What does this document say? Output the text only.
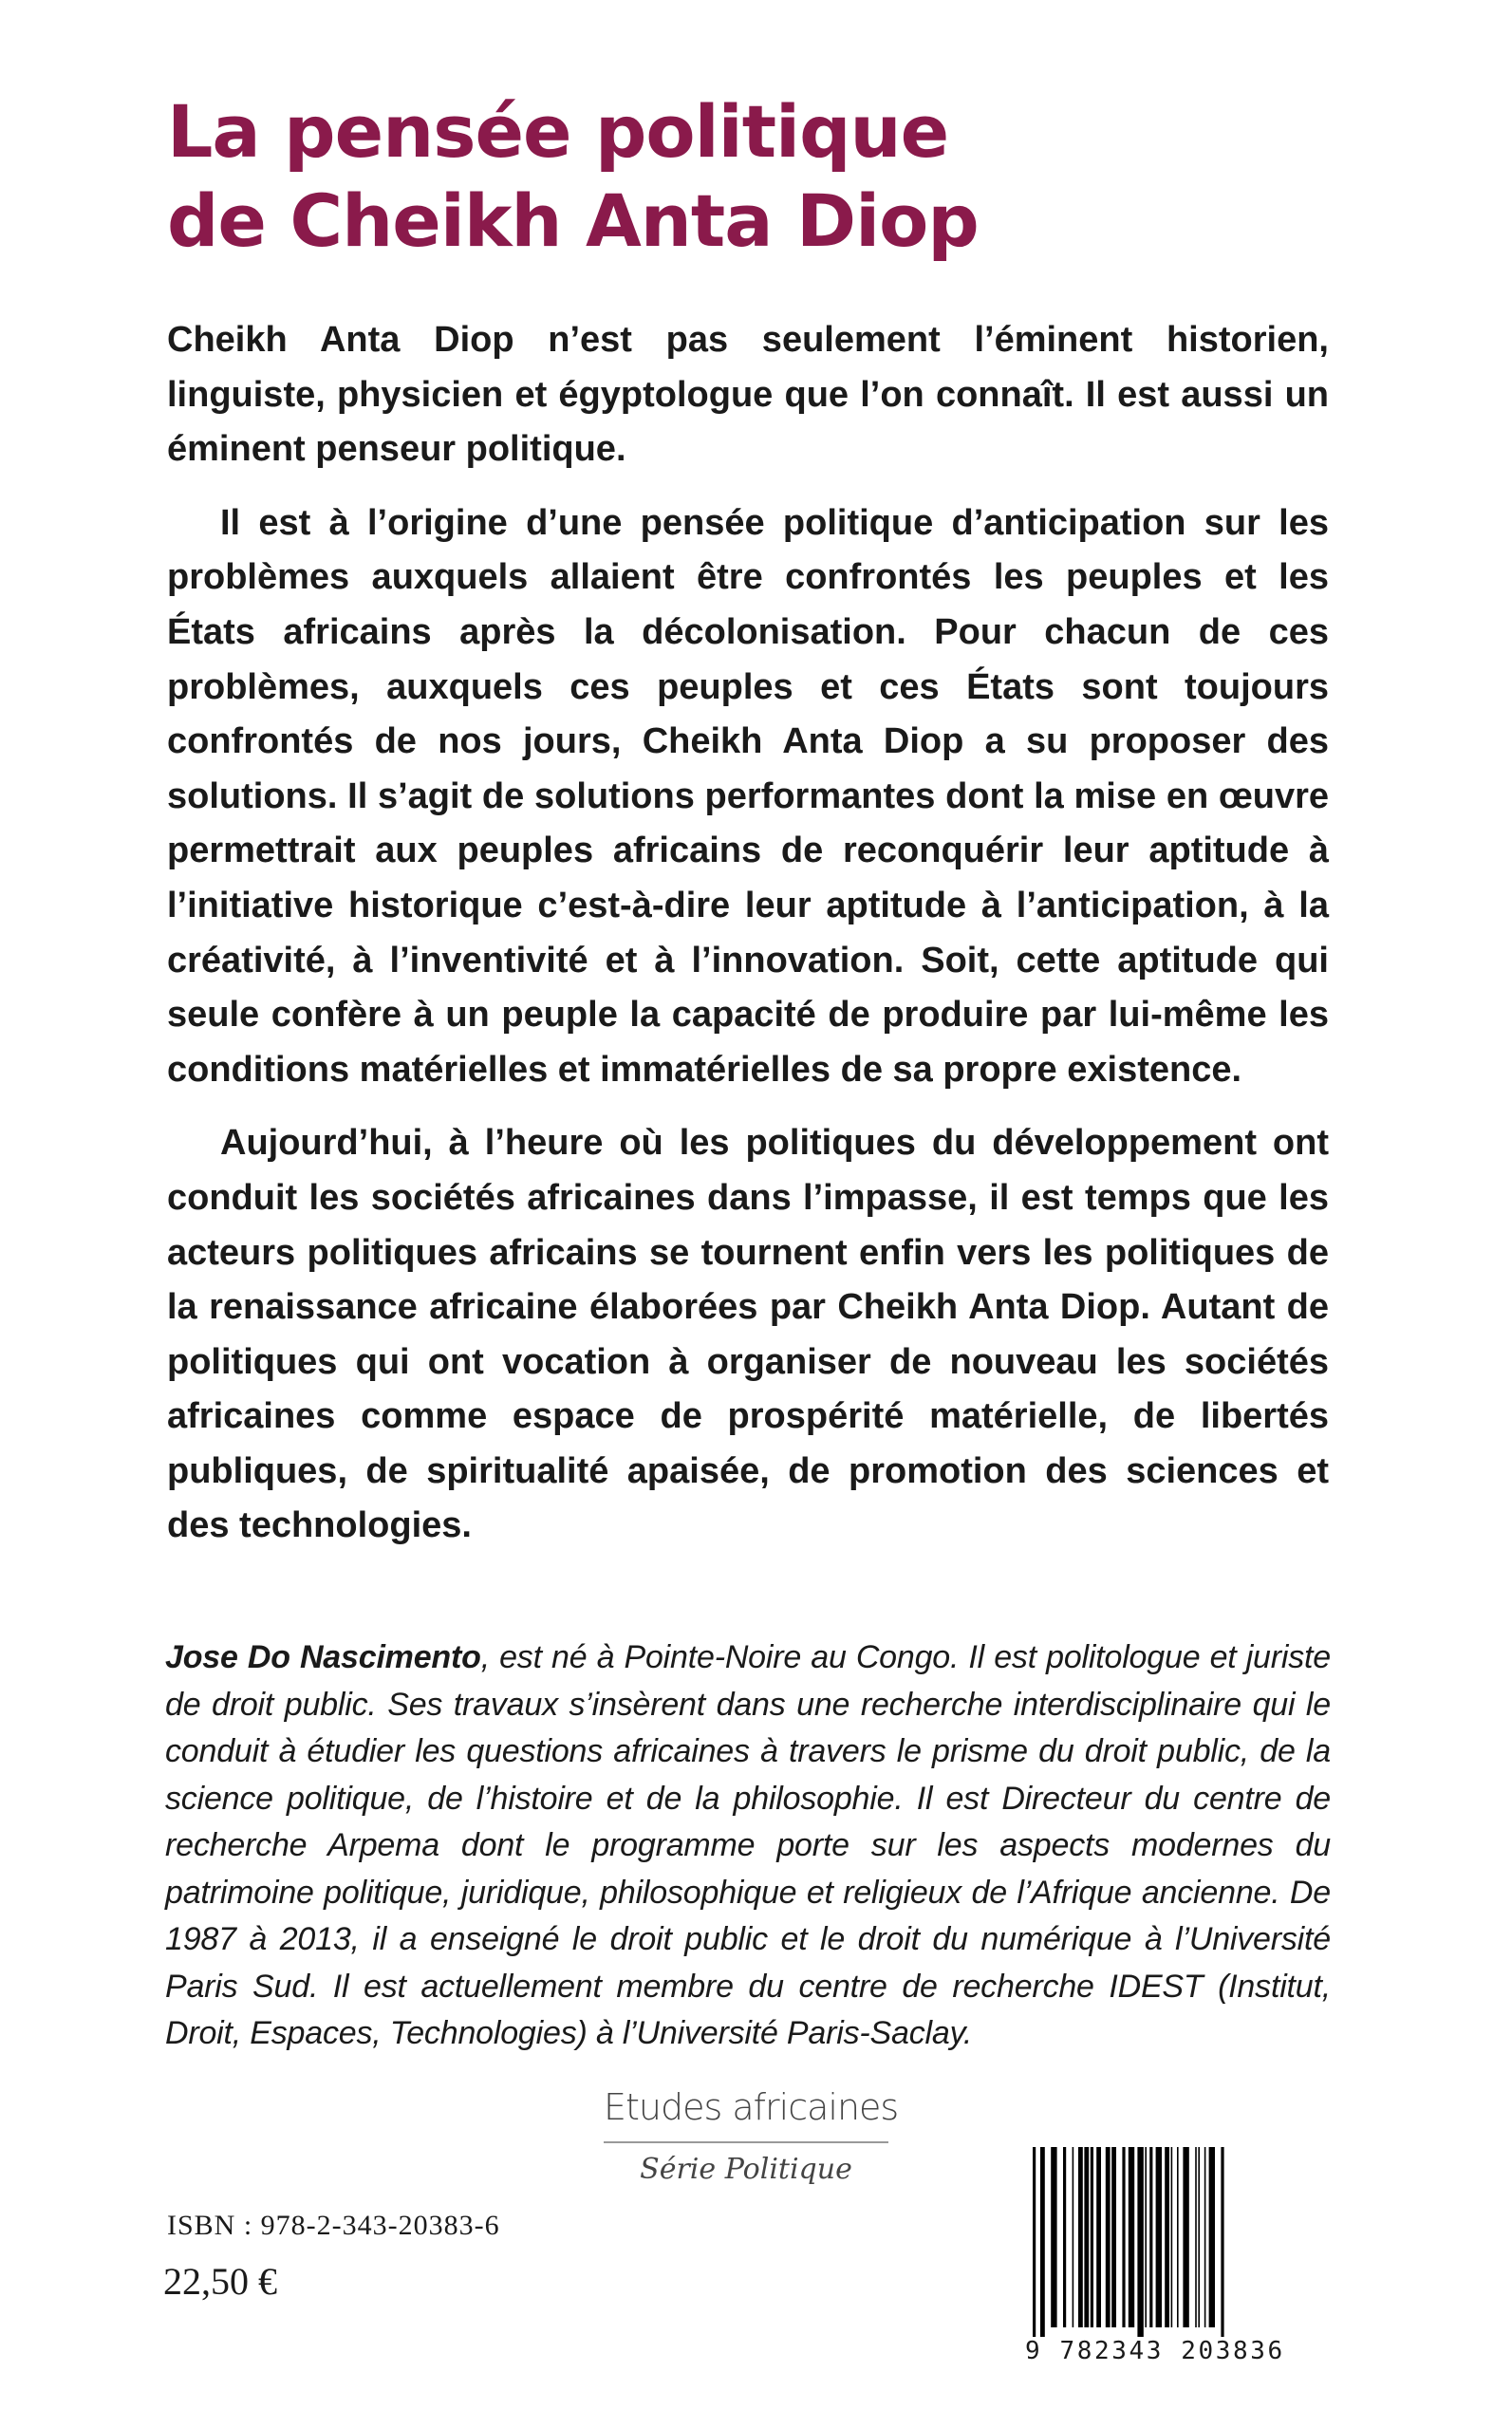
La pensée politique
de Cheikh Anta Diop

Cheikh Anta Diop n’est pas seulement l’éminent historien, linguiste, physicien et égyptologue que l’on connaît. Il est aussi un éminent penseur politique.

Il est à l’origine d’une pensée politique d’anticipation sur les problèmes auxquels allaient être confrontés les peuples et les États africains après la décolonisation. Pour chacun de ces problèmes, auxquels ces peuples et ces États sont toujours confrontés de nos jours, Cheikh Anta Diop a su proposer des solutions. Il s’agit de solutions performantes dont la mise en œuvre permettrait aux peuples africains de reconquérir leur aptitude à l’initiative historique c’est-à-dire leur aptitude à l’anticipation, à la créativité, à l’inventivité et à l’innovation. Soit, cette aptitude qui seule confère à un peuple la capacité de produire par lui-même les conditions matérielles et immatérielles de sa propre existence.

Aujourd’hui, à l’heure où les politiques du développement ont conduit les sociétés africaines dans l’impasse, il est temps que les acteurs politiques africains se tournent enfin vers les politiques de la renaissance africaine élaborées par Cheikh Anta Diop. Autant de politiques qui ont vocation à organiser de nouveau les sociétés africaines comme espace de prospérité matérielle, de libertés publiques, de spiritualité apaisée, de promotion des sciences et des technologies.

Jose Do Nascimento, est né à Pointe-Noire au Congo. Il est politologue et juriste de droit public. Ses travaux s’insèrent dans une recherche interdisciplinaire qui le conduit à étudier les questions africaines à travers le prisme du droit public, de la science politique, de l’histoire et de la philosophie. Il est Directeur du centre de recherche Arpema dont le programme porte sur les aspects modernes du patrimoine politique, juridique, philosophique et religieux de l’Afrique ancienne. De 1987 à 2013, il a enseigné le droit public et le droit du numérique à l’Université Paris Sud. Il est actuellement membre du centre de recherche IDEST (Institut, Droit, Espaces, Technologies) à l’Université Paris-Saclay.

Etudes africaines
Série Politique
ISBN : 978-2-343-20383-6
22,50 €
9 782343 203836
